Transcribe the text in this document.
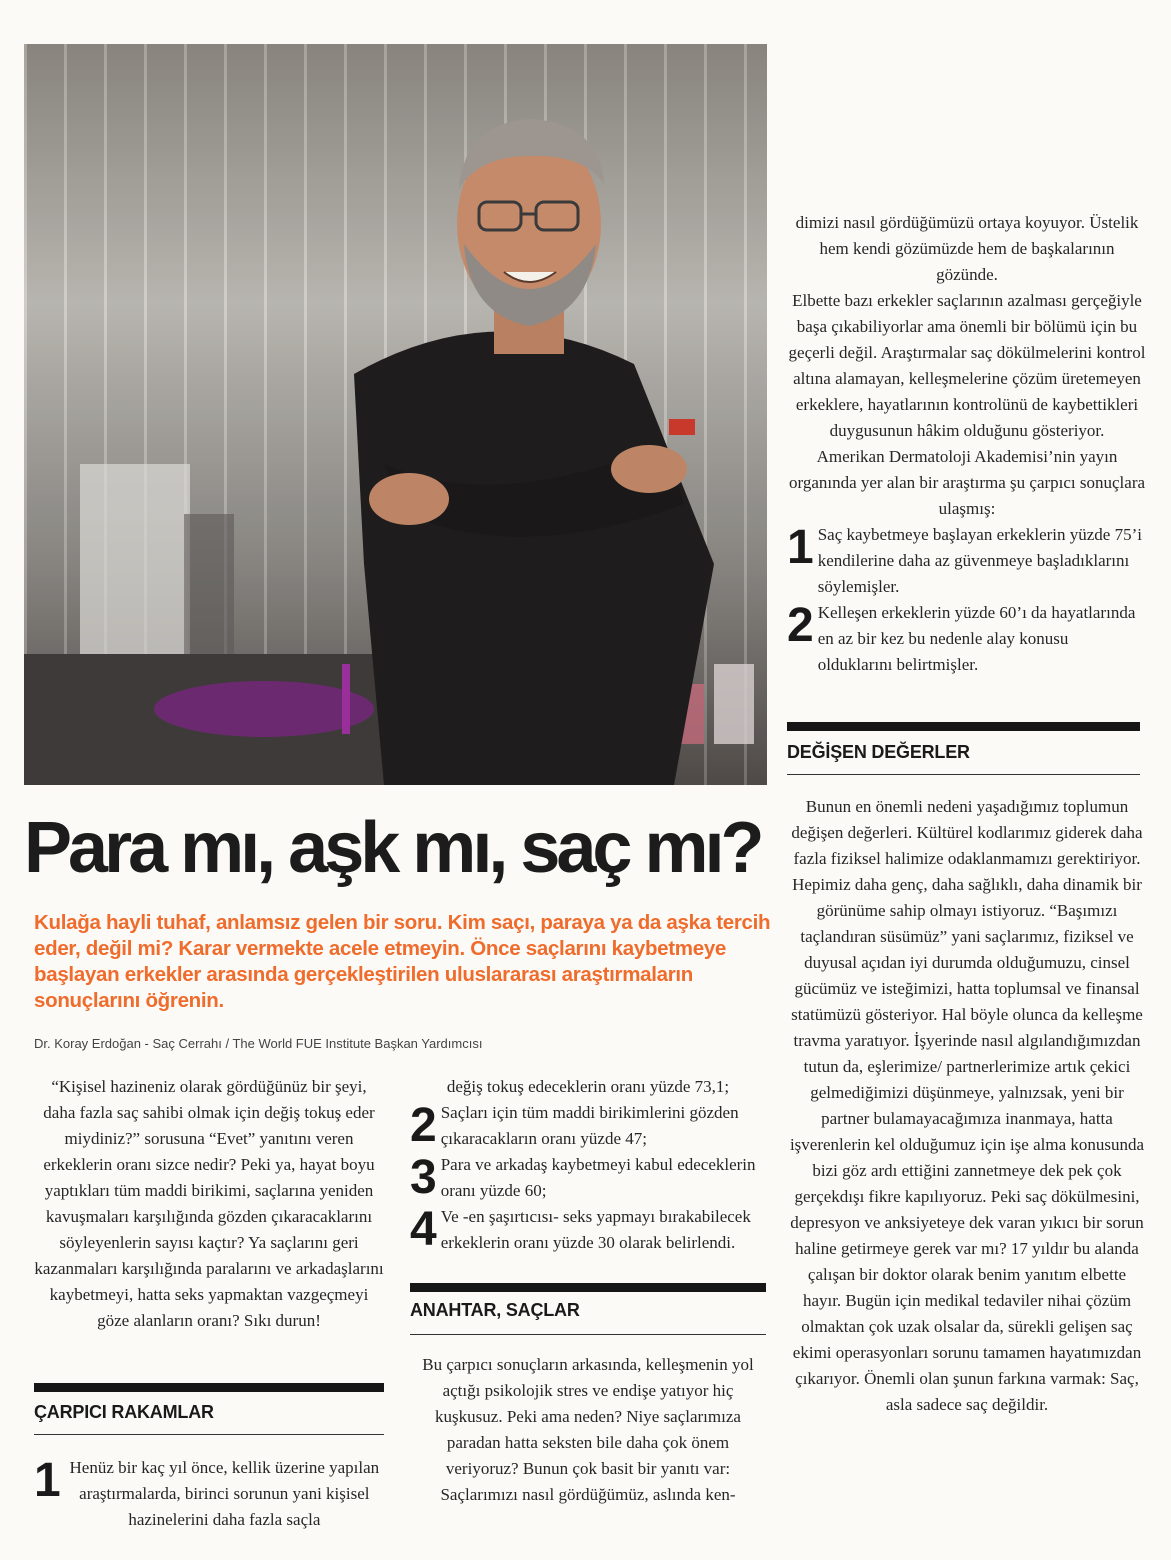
Para mı, aşk mı, saç mı?

Kulağa hayli tuhaf, anlamsız gelen bir soru. Kim saçı, paraya ya da aşka tercih eder, değil mi? Karar vermekte acele etmeyin. Önce saçlarını kaybetmeye başlayan erkekler arasında gerçekleştirilen uluslararası araştırmaların sonuçlarını öğrenin.

Dr. Koray Erdoğan - Saç Cerrahı / The World FUE Institute Başkan Yardımcısı

“Kişisel hazineniz olarak gördüğünüz bir şeyi, daha fazla saç sahibi olmak için değiş tokuş eder miydiniz?” sorusuna “Evet” yanıtını veren erkeklerin oranı sizce nedir? Peki ya, hayat boyu yaptıkları tüm maddi birikimi, saçlarına yeniden kavuşmaları karşılığında gözden çıkaracaklarını söyleyenlerin sayısı kaçtır? Ya saçlarını geri kazanmaları karşılığında paralarını ve arkadaşlarını kaybetmeyi, hatta seks yapmaktan vazgeçmeyi göze alanların oranı? Sıkı durun!

ÇARPICI RAKAMLAR
1 Henüz bir kaç yıl önce, kellik üzerine yapılan araştırmalarda, birinci sorunun yani kişisel hazinelerini daha fazla saçla

değiş tokuş edeceklerin oranı yüzde 73,1;

2 Saçları için tüm maddi birikimlerini gözden çıkaracakların oranı yüzde 47;
3 Para ve arkadaş kaybetmeyi kabul edeceklerin oranı yüzde 60;
4 Ve -en şaşırtıcısı- seks yapmayı bırakabilecek erkeklerin oranı yüzde 30 olarak belirlendi.
ANAHTAR, SAÇLAR

Bu çarpıcı sonuçların arkasında, kelleşmenin yol açtığı psikolojik stres ve endişe yatıyor hiç kuşkusuz. Peki ama neden? Niye saçlarımıza paradan hatta seksten bile daha çok önem veriyoruz? Bunun çok basit bir yanıtı var: Saçlarımızı nasıl gördüğümüz, aslında ken-

dimizi nasıl gördüğümüzü ortaya koyuyor. Üstelik hem kendi gözümüzde hem de başkalarının gözünde.

Elbette bazı erkekler saçlarının azalması gerçeğiyle başa çıkabiliyorlar ama önemli bir bölümü için bu geçerli değil. Araştırmalar saç dökülmelerini kontrol altına alamayan, kelleşmelerine çözüm üretemeyen erkeklere, hayatlarının kontrolünü de kaybettikleri duygusunun hâkim olduğunu gösteriyor.

Amerikan Dermatoloji Akademisi’nin yayın organında yer alan bir araştırma şu çarpıcı sonuçlara ulaşmış:

1 Saç kaybetmeye başlayan erkeklerin yüzde 75’i kendilerine daha az güvenmeye başladıklarını söylemişler.
2 Kelleşen erkeklerin yüzde 60’ı da hayatlarında en az bir kez bu nedenle alay konusu olduklarını belirtmişler.
DEĞİŞEN DEĞERLER

Bunun en önemli nedeni yaşadığımız toplumun değişen değerleri. Kültürel kodlarımız giderek daha fazla fiziksel halimize odaklanmamızı gerektiriyor. Hepimiz daha genç, daha sağlıklı, daha dinamik bir görünüme sahip olmayı istiyoruz. “Başımızı taçlandıran süsümüz” yani saçlarımız, fiziksel ve duyusal açıdan iyi durumda olduğumuzu, cinsel gücümüz ve isteğimizi, hatta toplumsal ve finansal statümüzü gösteriyor. Hal böyle olunca da kelleşme travma yaratıyor. İşyerinde nasıl algılandığımızdan tutun da, eşlerimize/ partnerlerimize artık çekici gelmediğimizi düşünmeye, yalnızsak, yeni bir partner bulamayacağımıza inanmaya, hatta işverenlerin kel olduğumuz için işe alma konusunda bizi göz ardı ettiğini zannetmeye dek pek çok gerçekdışı fikre kapılıyoruz. Peki saç dökülmesini, depresyon ve anksiyeteye dek varan yıkıcı bir sorun haline getirmeye gerek var mı? 17 yıldır bu alanda çalışan bir doktor olarak benim yanıtım elbette hayır. Bugün için medikal tedaviler nihai çözüm olmaktan çok uzak olsalar da, sürekli gelişen saç ekimi operasyonları sorunu tamamen hayatımızdan çıkarıyor. Önemli olan şunun farkına varmak: Saç, asla sadece saç değildir.
